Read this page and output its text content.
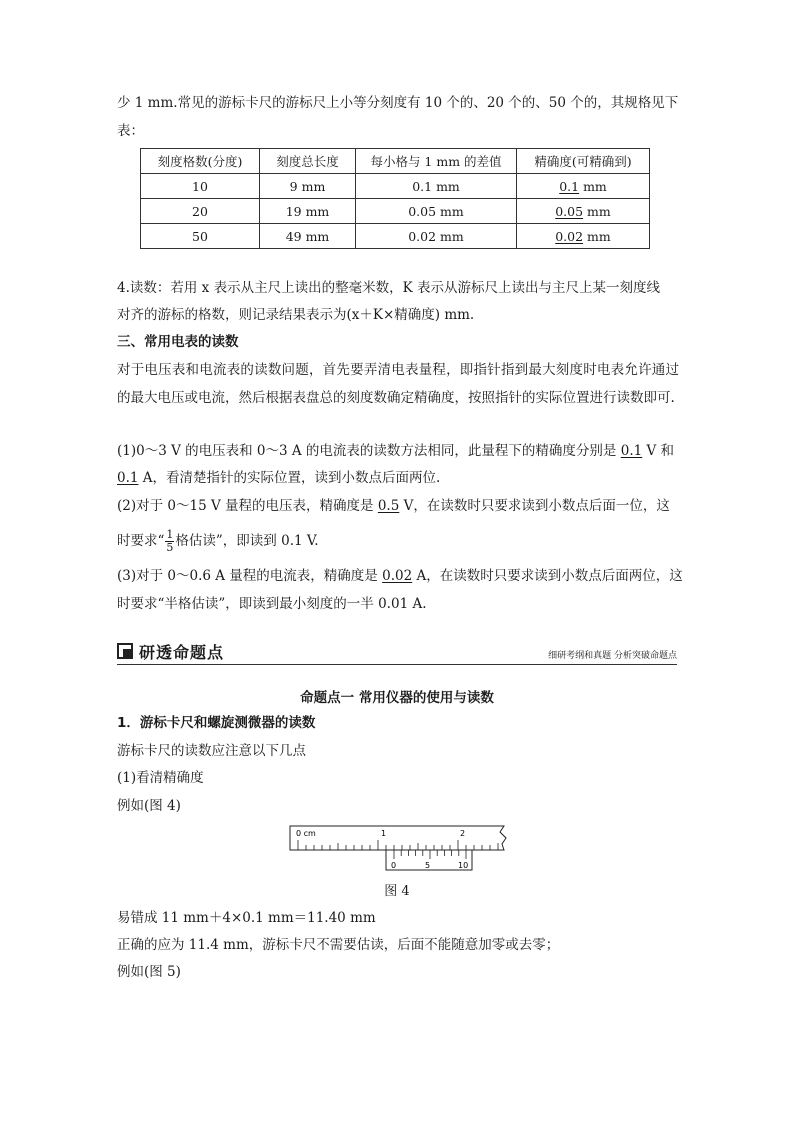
少 1 mm.常见的游标卡尺的游标尺上小等分刻度有 10 个的、20 个的、50 个的，其规格见下
表：
刻度格数(分度)	刻度总长度	每小格与 1 mm 的差值	精确度(可精确到)
10	9 mm	0.1 mm	0.1 mm
20	19 mm	0.05 mm	0.05 mm
50	49 mm	0.02 mm	0.02 mm
4.读数：若用 x 表示从主尺上读出的整毫米数，K 表示从游标尺上读出与主尺上某一刻度线
对齐的游标的格数，则记录结果表示为(x＋K×精确度) mm.
三、常用电表的读数
对于电压表和电流表的读数问题，首先要弄清电表量程，即指针指到最大刻度时电表允许通过的最大电压或电流，然后根据表盘总的刻度数确定精确度，按照指针的实际位置进行读数即可.
(1)0～3 V 的电压表和 0～3 A 的电流表的读数方法相同，此量程下的精确度分别是 0.1 V 和
0.1 A，看清楚指针的实际位置，读到小数点后面两位.
(2)对于 0～15 V 量程的电压表，精确度是 0.5 V，在读数时只要求读到小数点后面一位，这
时要求“ $\frac{1}{5}$ 格估读”，即读到 0.1 V.
(3)对于 0～0.6 A 量程的电流表，精确度是 0.02 A，在读数时只要求读到小数点后面两位，这
时要求“半格估读”，即读到最小刻度的一半 0.01 A.
研透命题点	细研考纲和真题 分析突破命题点
命题点一 常用仪器的使用与读数
1．游标卡尺和螺旋测微器的读数
游标卡尺的读数应注意以下几点
(1)看清精确度
例如(图 4)
0 cm	1	2
0	5	10
图 4
易错成 11 mm＋4×0.1 mm＝11.40 mm
正确的应为 11.4 mm，游标卡尺不需要估读，后面不能随意加零或去零；
例如(图 5)
